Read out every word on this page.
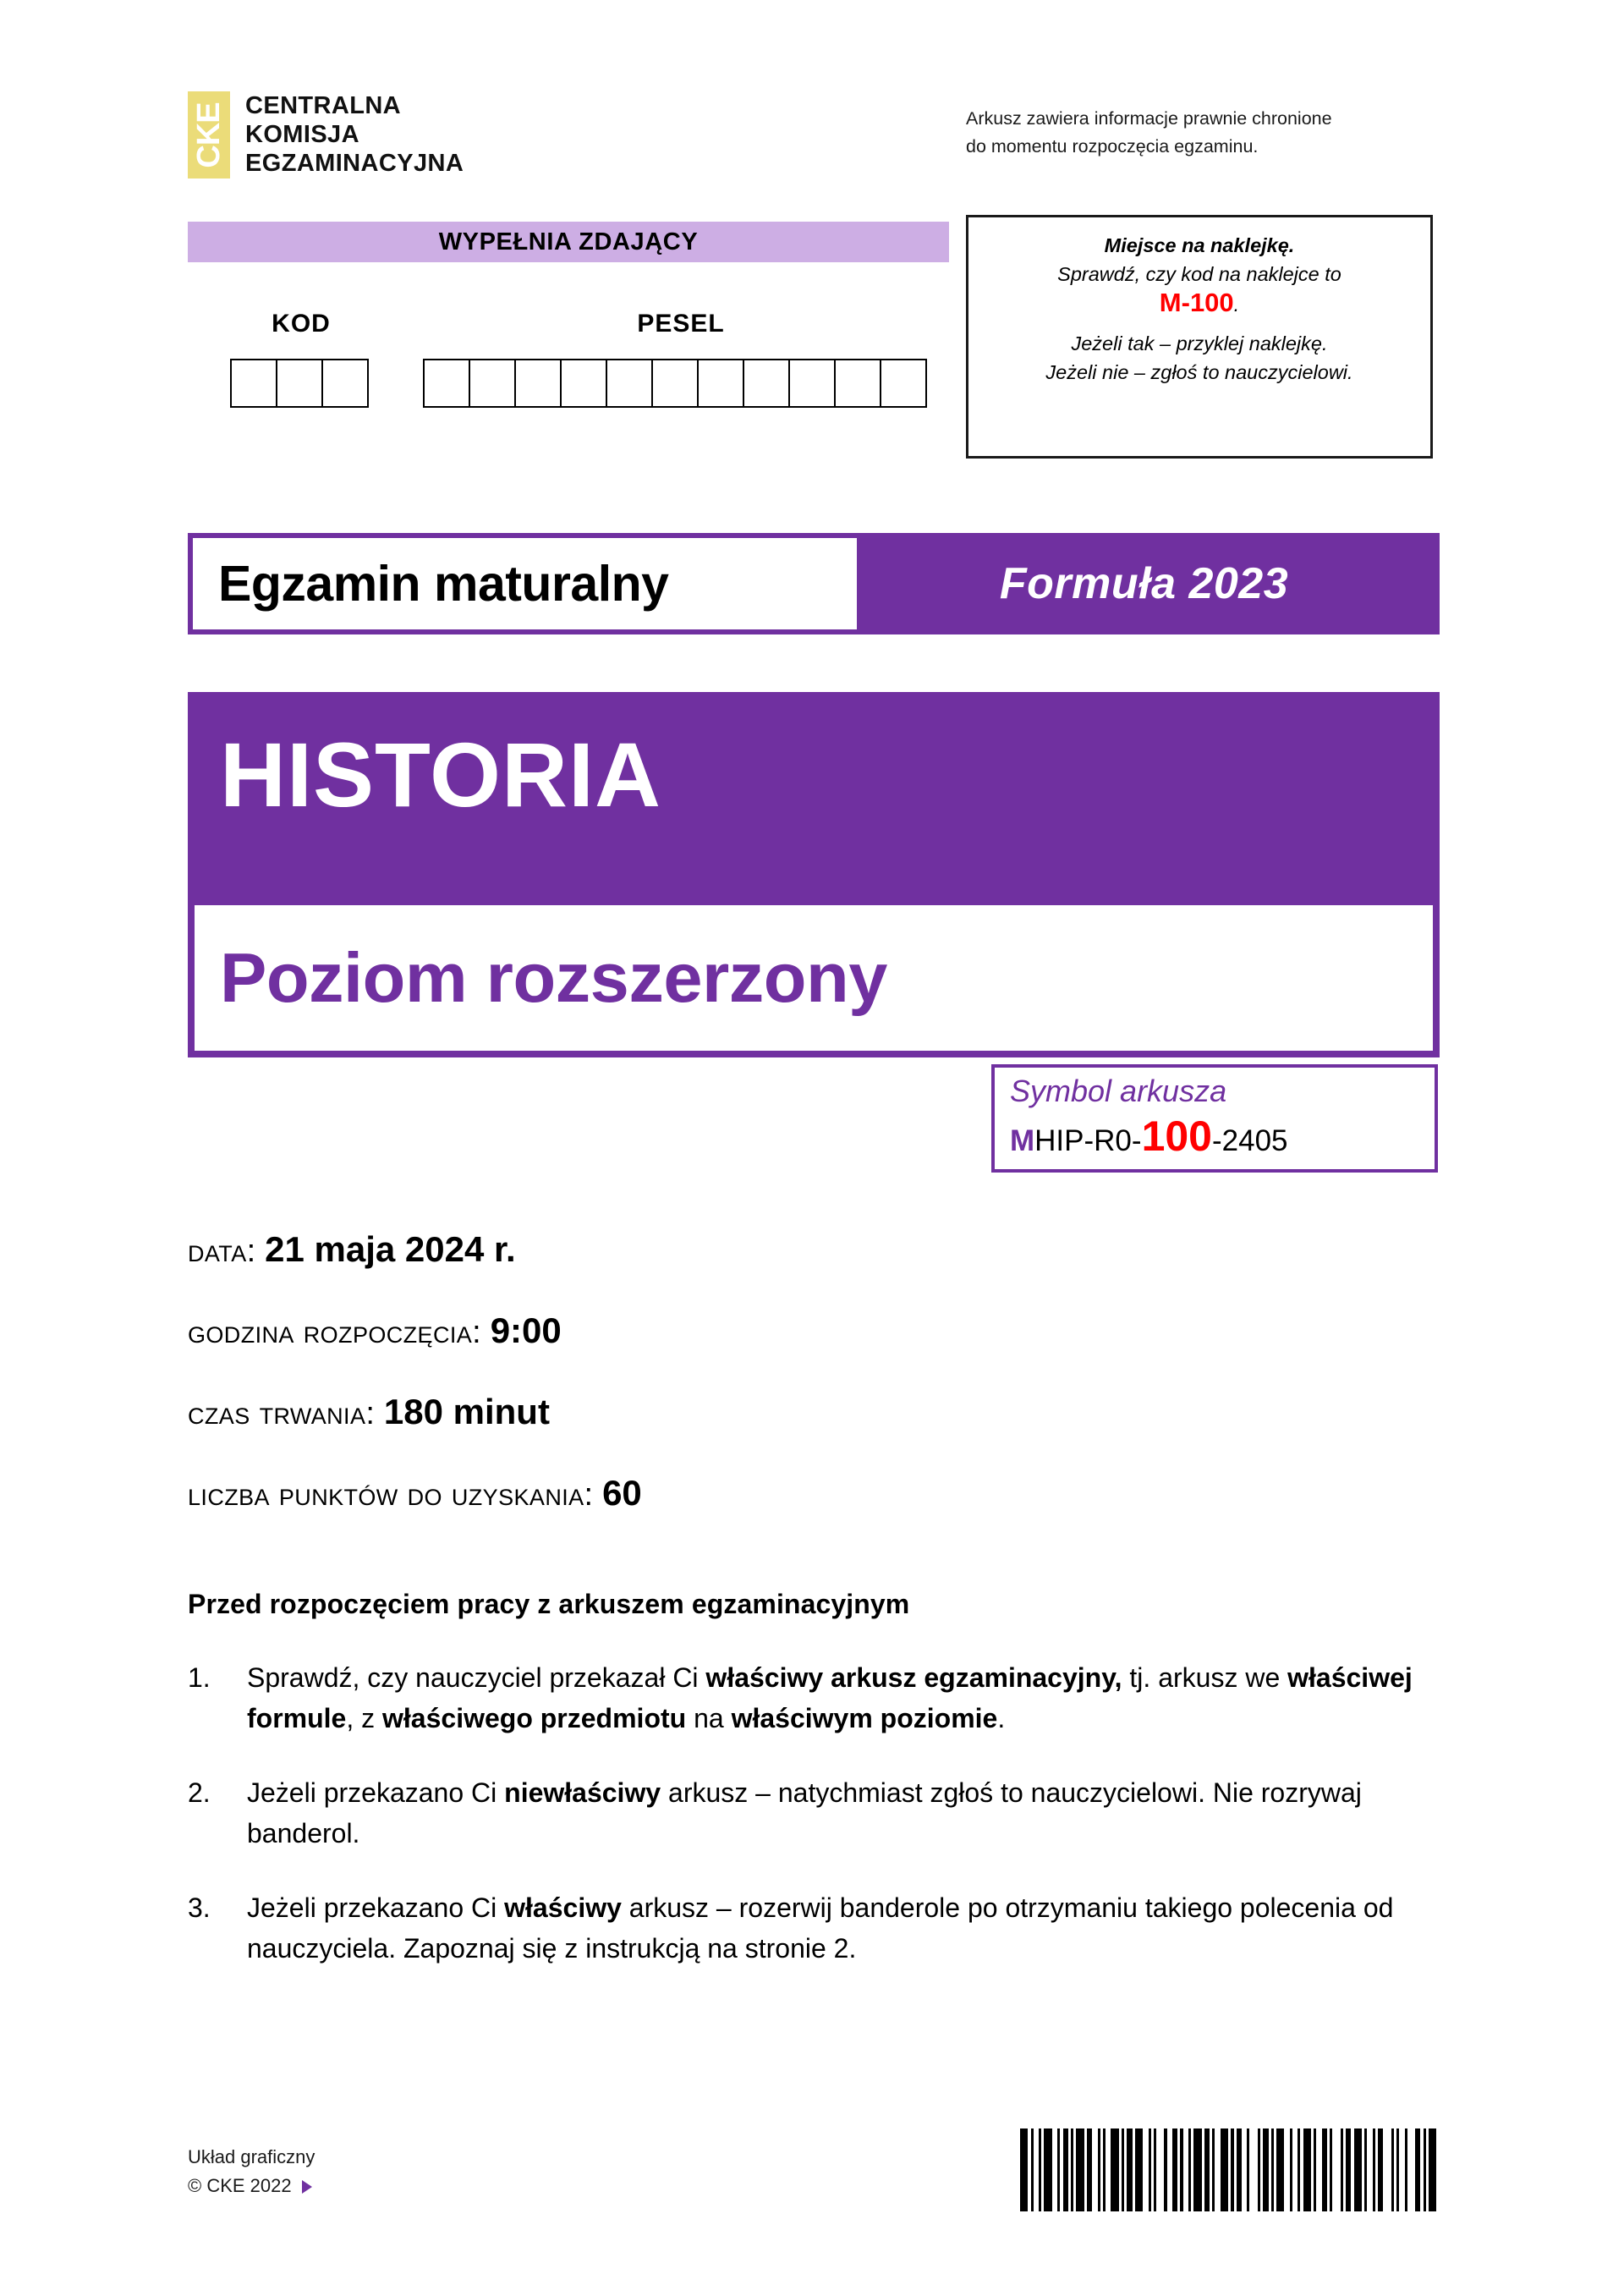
CKE CENTRALNA
KOMISJA
EGZAMINACYJNA
Arkusz zawiera informacje prawnie chronione
do momentu rozpoczęcia egzaminu.
WYPEŁNIA ZDAJĄCY
KOD	PESEL
Miejsce na naklejkę.
Sprawdź, czy kod na naklejce to
M-100.
Jeżeli tak – przyklej naklejkę.
Jeżeli nie – zgłoś to nauczycielowi.
Egzamin maturalny	Formuła 2023
HISTORIA
Poziom rozszerzony
Symbol arkusza
MHIP-R0-100-2405
data: 21 maja 2024 r.
godzina rozpoczęcia: 9:00
czas trwania: 180 minut
liczba punktów do uzyskania: 60
Przed rozpoczęciem pracy z arkuszem egzaminacyjnym
1.	Sprawdź, czy nauczyciel przekazał Ci właściwy arkusz egzaminacyjny, tj. arkusz we właściwej formule, z właściwego przedmiotu na właściwym poziomie.
2.	Jeżeli przekazano Ci niewłaściwy arkusz – natychmiast zgłoś to nauczycielowi. Nie rozrywaj banderol.
3.	Jeżeli przekazano Ci właściwy arkusz – rozerwij banderole po otrzymaniu takiego polecenia od nauczyciela. Zapoznaj się z instrukcją na stronie 2.
Układ graficzny
© CKE 2022
